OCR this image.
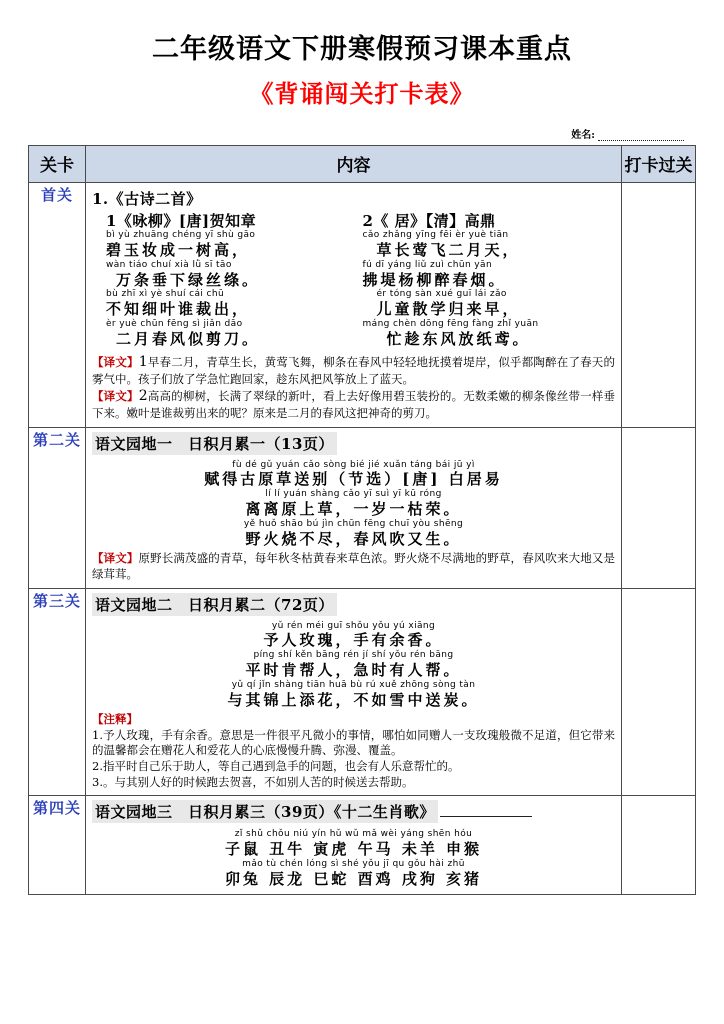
二年级语文下册寒假预习课本重点
《背诵闯关打卡表》
姓名:
关卡	内容	打卡过关
首关	1.《古诗二首》
1《咏柳》[唐]贺知章
bì yù zhuāng chéng yī shù gāo
碧玉妆成一树高，
wàn tiáo chuí xià lǜ sī tāo
万条垂下绿丝绦。
bù zhī xì yè shuí cái chū
不知细叶谁裁出，
èr yuè chūn fēng sì jiǎn dāo
二月春风似剪刀。
2《 居》【清】高鼎
cǎo zhǎng yīng fēi èr yuè tiān
草长莺飞二月天，
fú dī yáng liǔ zuì chūn yān
拂堤杨柳醉春烟。
ér tóng sàn xué guī lái zǎo
儿童散学归来早，
máng chèn dōng fēng fàng zhǐ yuān
忙趁东风放纸鸢。

【译文】1早春二月，青草生长，黄莺飞舞，柳条在春风中轻轻地抚摸着堤岸，似乎都陶醉在了春天的雾气中。孩子们放了学急忙跑回家，趁东风把风筝放上了蓝天。

【译文】2高高的柳树，长满了翠绿的新叶，看上去好像用碧玉装扮的。无数柔嫩的柳条像丝带一样垂下来。嫩叶是谁裁剪出来的呢？原来是二月的春风这把神奇的剪刀。

第二关	语文园地一　日积月累一（13页）
fù dé gǔ yuán cǎo sòng bié jié xuǎn táng bái jū yì
赋得古原草送别（节选）[唐] 白居易
lí lí yuán shàng cǎo yī suì yī kū róng
离离原上草，一岁一枯荣。
yě huǒ shāo bú jìn chūn fēng chuī yòu shēng
野火烧不尽，春风吹又生。

【译文】原野长满茂盛的青草，每年秋冬枯黄春来草色浓。野火烧不尽满地的野草，春风吹来大地又是绿茸茸。

第三关	语文园地二　日积月累二（72页）
yǔ rén méi guī shǒu yǒu yú xiāng
予人玫瑰，手有余香。
píng shí kěn bāng rén jí shí yǒu rén bāng
平时肯帮人，急时有人帮。
yǔ qí jǐn shàng tiān huā bù rú xuě zhōng sòng tàn
与其锦上添花，不如雪中送炭。

【注释】

1.予人玫瑰，手有余香。意思是一件很平凡微小的事情，哪怕如同赠人一支玫瑰般微不足道，但它带来的温馨都会在赠花人和爱花人的心底慢慢升腾、弥漫、覆盖。

2.指平时自己乐于助人，等自己遇到急手的问题，也会有人乐意帮忙的。

3.。与其别人好的时候跑去贺喜，不如别人苦的时候送去帮助。

第四关	语文园地三　日积月累三（39页）《十二生肖歌》
zǐ shǔ chǒu niú yín hǔ wǔ mǎ wèi yáng shēn hóu
子鼠 丑牛 寅虎 午马 未羊 申猴
mǎo tù chén lóng sì shé yǒu jī qu gǒu hài zhū
卯兔 辰龙 巳蛇 酉鸡 戌狗 亥猪	
